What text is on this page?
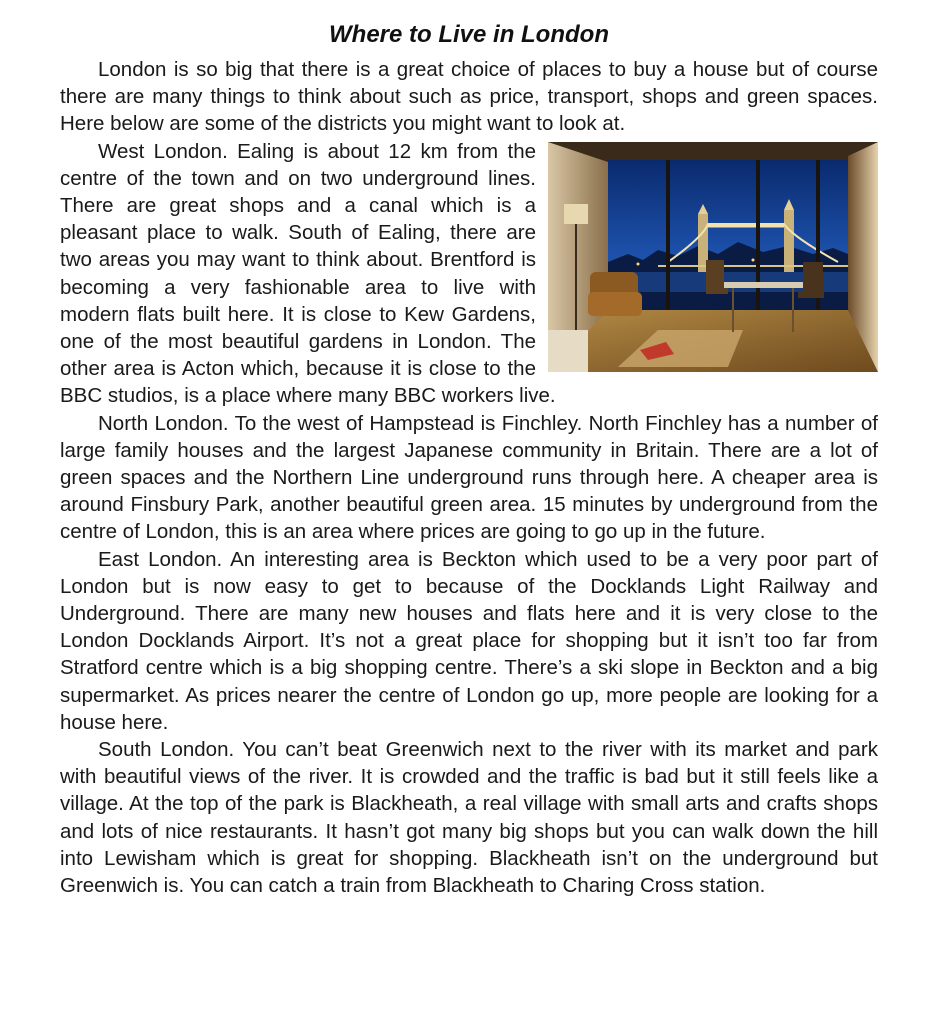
Where to Live in London

London is so big that there is a great choice of places to buy a house but of course there are many things to think about such as price, transport, shops and green spaces. Here below are some of the districts you might want to look at.

West London. Ealing is about 12 km from the centre of the town and on two underground lines. There are great shops and a canal which is a pleasant place to walk. South of Ealing, there are two areas you may want to think about. Brentford is becoming a very fashionable area to live with modern flats built here. It is close to Kew Gardens, one of the most beautiful gardens in London. The other area is Acton which, because it is close to the BBC studios, is a place where many BBC workers live.

North London. To the west of Hampstead is Finchley. North Finchley has a number of large family houses and the largest Japanese community in Britain. There are a lot of green spaces and the Northern Line underground runs through here. A cheaper area is around Finsbury Park, another beautiful green area. 15 minutes by underground from the centre of London, this is an area where prices are going to go up in the future.

East London. An interesting area is Beckton which used to be a very poor part of London but is now easy to get to because of the Docklands Light Railway and Underground. There are many new houses and flats here and it is very close to the London Docklands Airport. It’s not a great place for shopping but it isn’t too far from Stratford centre which is a big shopping centre. There’s a ski slope in Beckton and a big supermarket. As prices nearer the centre of London go up, more people are looking for a house here.

South London. You can’t beat Greenwich next to the river with its market and park with beautiful views of the river. It is crowded and the traffic is bad but it still feels like a village. At the top of the park is Blackheath, a real village with small arts and crafts shops and lots of nice restaurants. It hasn’t got many big shops but you can walk down the hill into Lewisham which is great for shopping. Blackheath isn’t on the underground but Greenwich is. You can catch a train from Blackheath to Charing Cross station.
